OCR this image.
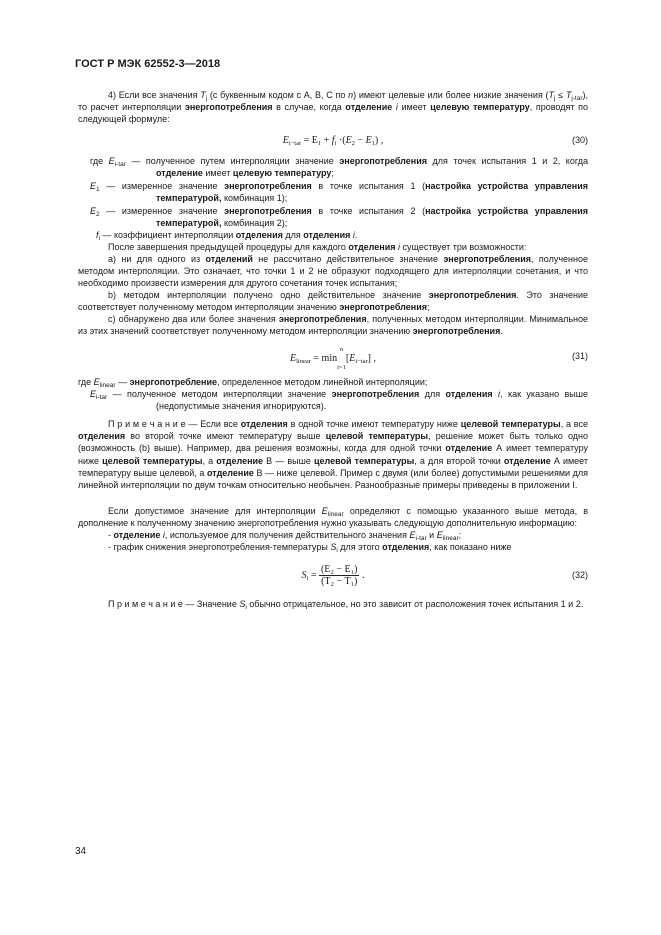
ГОСТ Р МЭК 62552-3—2018
4) Если все значения $T_j$ (с буквенным кодом с A, B, C по n) имеют целевые или более низкие значения $(T_j \le T_{j-tar})$, то расчет интерполяции энергопотребления в случае, когда отделение i имеет целевую температуру, проводят по следующей формуле:
$E_{i-tar} = E_1 + f_i \cdot(E_2 - E_1)$ ,	(30)
где $E_{i-tar}$ — полученное путем интерполяции значение энергопотребления для точек испытания 1 и 2, когда отделение имеет целевую температуру;
$E_1$ — измеренное значение энергопотребления в точке испытания 1 (настройка устройства управления температурой, комбинация 1);
$E_2$ — измеренное значение энергопотребления в точке испытания 2 (настройка устройства управления температурой, комбинация 2);
$f_i$ — коэффициент интерполяции отделения для отделения i.
После завершения предыдущей процедуры для каждого отделения i существует три возможности:
а) ни для одного из отделений не рассчитано действительное значение энергопотребления, полученное методом интерполяции. Это означает, что точки 1 и 2 не образуют подходящего для интерполяции сочетания, и что необходимо произвести измерения для другого сочетания точек испытания;
b) методом интерполяции получено одно действительное значение энергопотребления. Это значение соответствует полученному методом интерполяции значению энергопотребления;
с) обнаружено два или более значения энергопотребления, полученных методом интерполяции. Минимальное из этих значений соответствует полученному методом интерполяции значению энергопотребления.
$E_{linear} = \min$
n
i=1
$[E_{i-tar}]$ ,	(31)
где $E_{linear}$ — энергопотребление, определенное методом линейной интерполяции;
$E_{i-tar}$ — полученное методом интерполяции значение энергопотребления для отделения i, как указано выше (недопустимые значения игнорируются).
П р и м е ч а н и е — Если все отделения в одной точке имеют температуру ниже целевой температуры, а все отделения во второй точке имеют температуру выше целевой температуры, решение может быть только одно (возможность (b) выше). Например, два решения возможны, когда для одной точки отделение А имеет температуру ниже целевой температуры, а отделение В — выше целевой температуры, а для второй точки отделение А имеет температуру выше целевой, а отделение В — ниже целевой. Пример с двумя (или более) допустимыми решениями для линейной интерполяции по двум точкам относительно необычен. Разнообразные примеры приведены в приложении I.
Если допустимое значение для интерполяции $E_{linear}$ определяют с помощью указанного выше метода, в дополнение к полученному значению энергопотребления нужно указывать следующую дополнительную информацию:
- отделение i, используемое для получения действительного значения $E_{i-tar}$ и $E_{linear}$;
- график снижения энергопотребления-температуры $S_i$ для этого отделения, как показано ниже
$S_i = \frac{\text{(E₂ − E₁)}}{\text{(T₂ − T₁)}}$ .	(32)
П р и м е ч а н и е — Значение $S_i$ обычно отрицательное, но это зависит от расположения точек испытания 1 и 2.
34
